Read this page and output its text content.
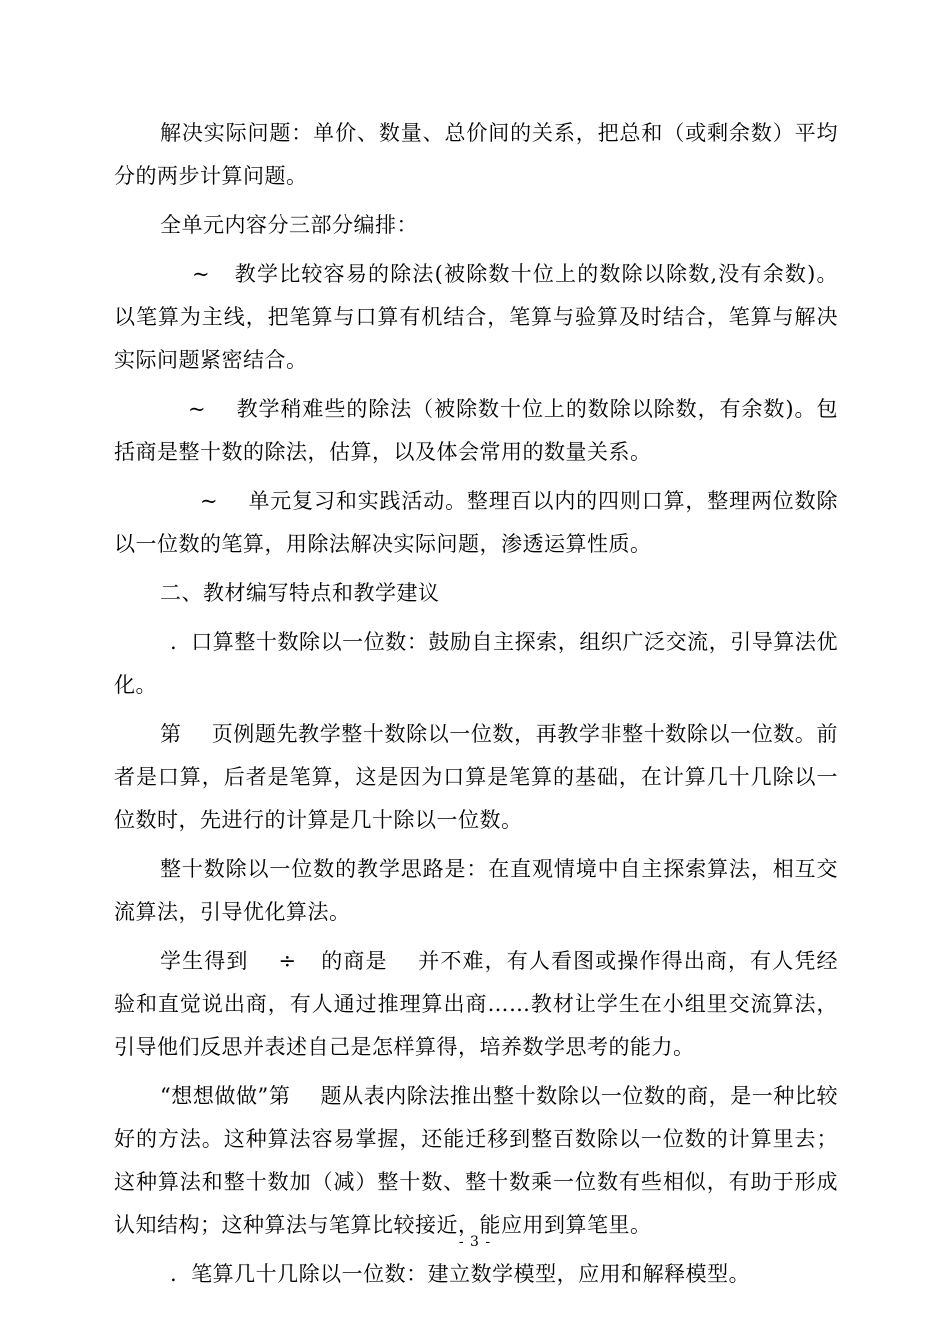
解决实际问题：单价、数量、总价间的关系，把总和（或剩余数）平均分的两步计算问题。

全单元内容分三部分编排：

~ 教学比较容易的除法(被除数十位上的数除以除数,没有余数)。以笔算为主线，把笔算与口算有机结合，笔算与验算及时结合，笔算与解决实际问题紧密结合。

~ 教学稍难些的除法（被除数十位上的数除以除数，有余数)。包括商是整十数的除法，估算，以及体会常用的数量关系。

~ 单元复习和实践活动。整理百以内的四则口算，整理两位数除以一位数的笔算，用除法解决实际问题，渗透运算性质。

二、教材编写特点和教学建议

. 口算整十数除以一位数：鼓励自主探索，组织广泛交流，引导算法优化。

第 页例题先教学整十数除以一位数，再教学非整十数除以一位数。前者是口算，后者是笔算，这是因为口算是笔算的基础，在计算几十几除以一位数时，先进行的计算是几十除以一位数。

整十数除以一位数的教学思路是：在直观情境中自主探索算法，相互交流算法，引导优化算法。

学生得到 ÷ 的商是 并不难，有人看图或操作得出商，有人凭经验和直觉说出商，有人通过推理算出商……教材让学生在小组里交流算法，引导他们反思并表述自己是怎样算得，培养数学思考的能力。

“想想做做”第 题从表内除法推出整十数除以一位数的商，是一种比较好的方法。这种算法容易掌握，还能迁移到整百数除以一位数的计算里去；这种算法和整十数加（减）整十数、整十数乘一位数有些相似，有助于形成认知结构；这种算法与笔算比较接近，能应用到算笔里。

. 笔算几十几除以一位数：建立数学模型，应用和解释模型。

- 3 -
